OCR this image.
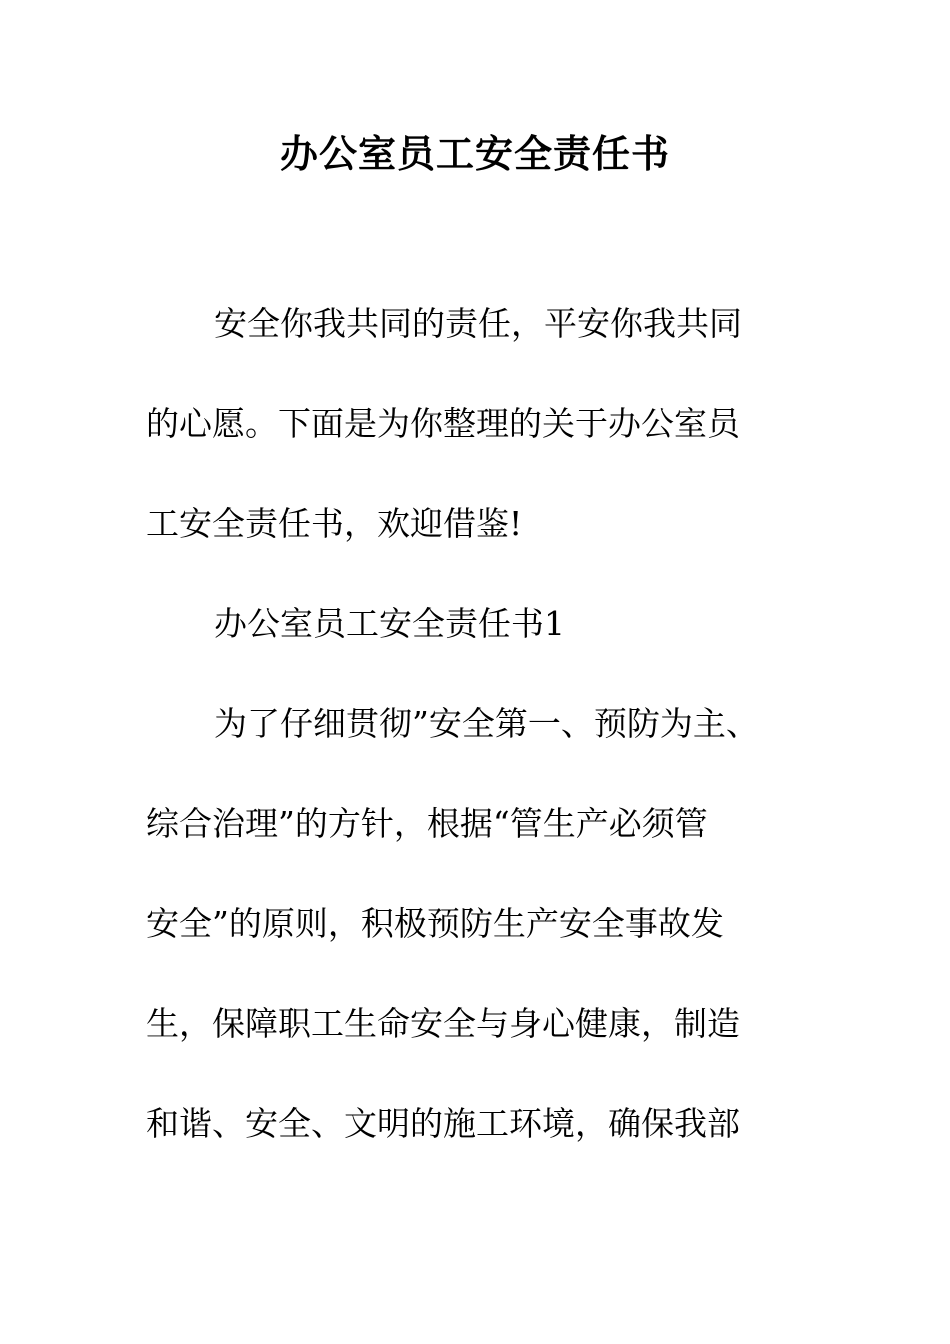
办公室员工安全责任书
安全你我共同的责任，平安你我共同
的心愿。下面是为你整理的关于办公室员
工安全责任书，欢迎借鉴!
办公室员工安全责任书1
为了仔细贯彻”安全第一、预防为主、
综合治理”的方针，根据“管生产必须管
安全”的原则，积极预防生产安全事故发
生，保障职工生命安全与身心健康，制造
和谐、安全、文明的施工环境，确保我部
